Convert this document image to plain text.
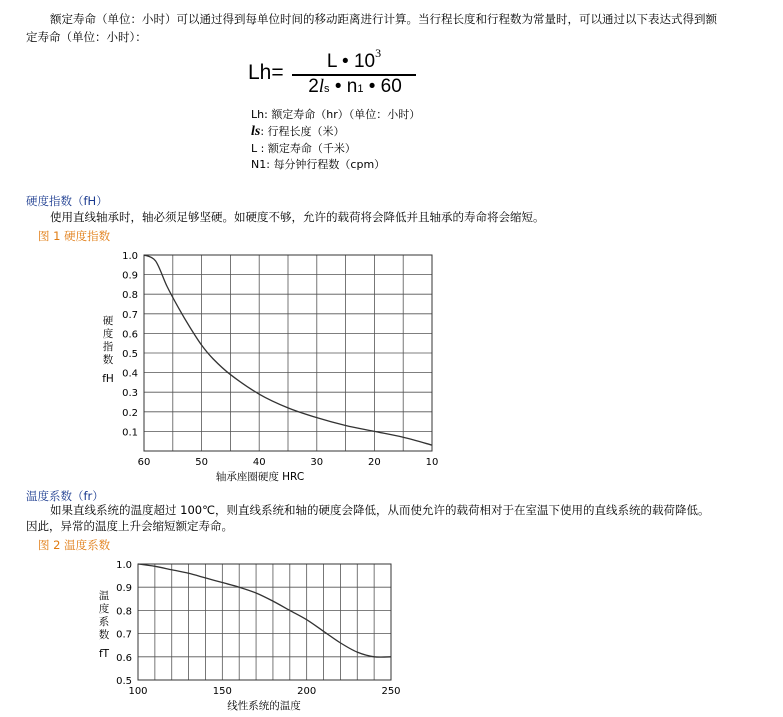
额定寿命（单位：小时）可以通过得到每单位时间的移动距离进行计算。当行程长度和行程数为常量时，可以通过以下表达式得到额
定寿命（单位：小时）：
Lh=	L • $10^3$
2ls • n1 • 60
Lh: 额定寿命（hr）（单位：小时）
ls: 行程长度（米）
L : 额定寿命（千米）
N1: 每分钟行程数（cpm）
硬度指数（fH）
使用直线轴承时，轴必须足够坚硬。如硬度不够，允许的载荷将会降低并且轴承的寿命将会缩短。
图 1 硬度指数
0.1
0.2
0.3
0.4
0.5
0.6
0.7
0.8
0.9
1.0
60	50	40	30	20	10
轴承座圈硬度 HRC
硬
度
指
数
fH
温度系数（fr）
如果直线系统的温度超过 100℃，则直线系统和轴的硬度会降低，从而使允许的载荷相对于在室温下使用的直线系统的载荷降低。
因此，异常的温度上升会缩短额定寿命。
图 2 温度系数
0.5
0.6
0.7
0.8
0.9
1.0
100	150	200	250
线性系统的温度
温
度
系
数
fT
